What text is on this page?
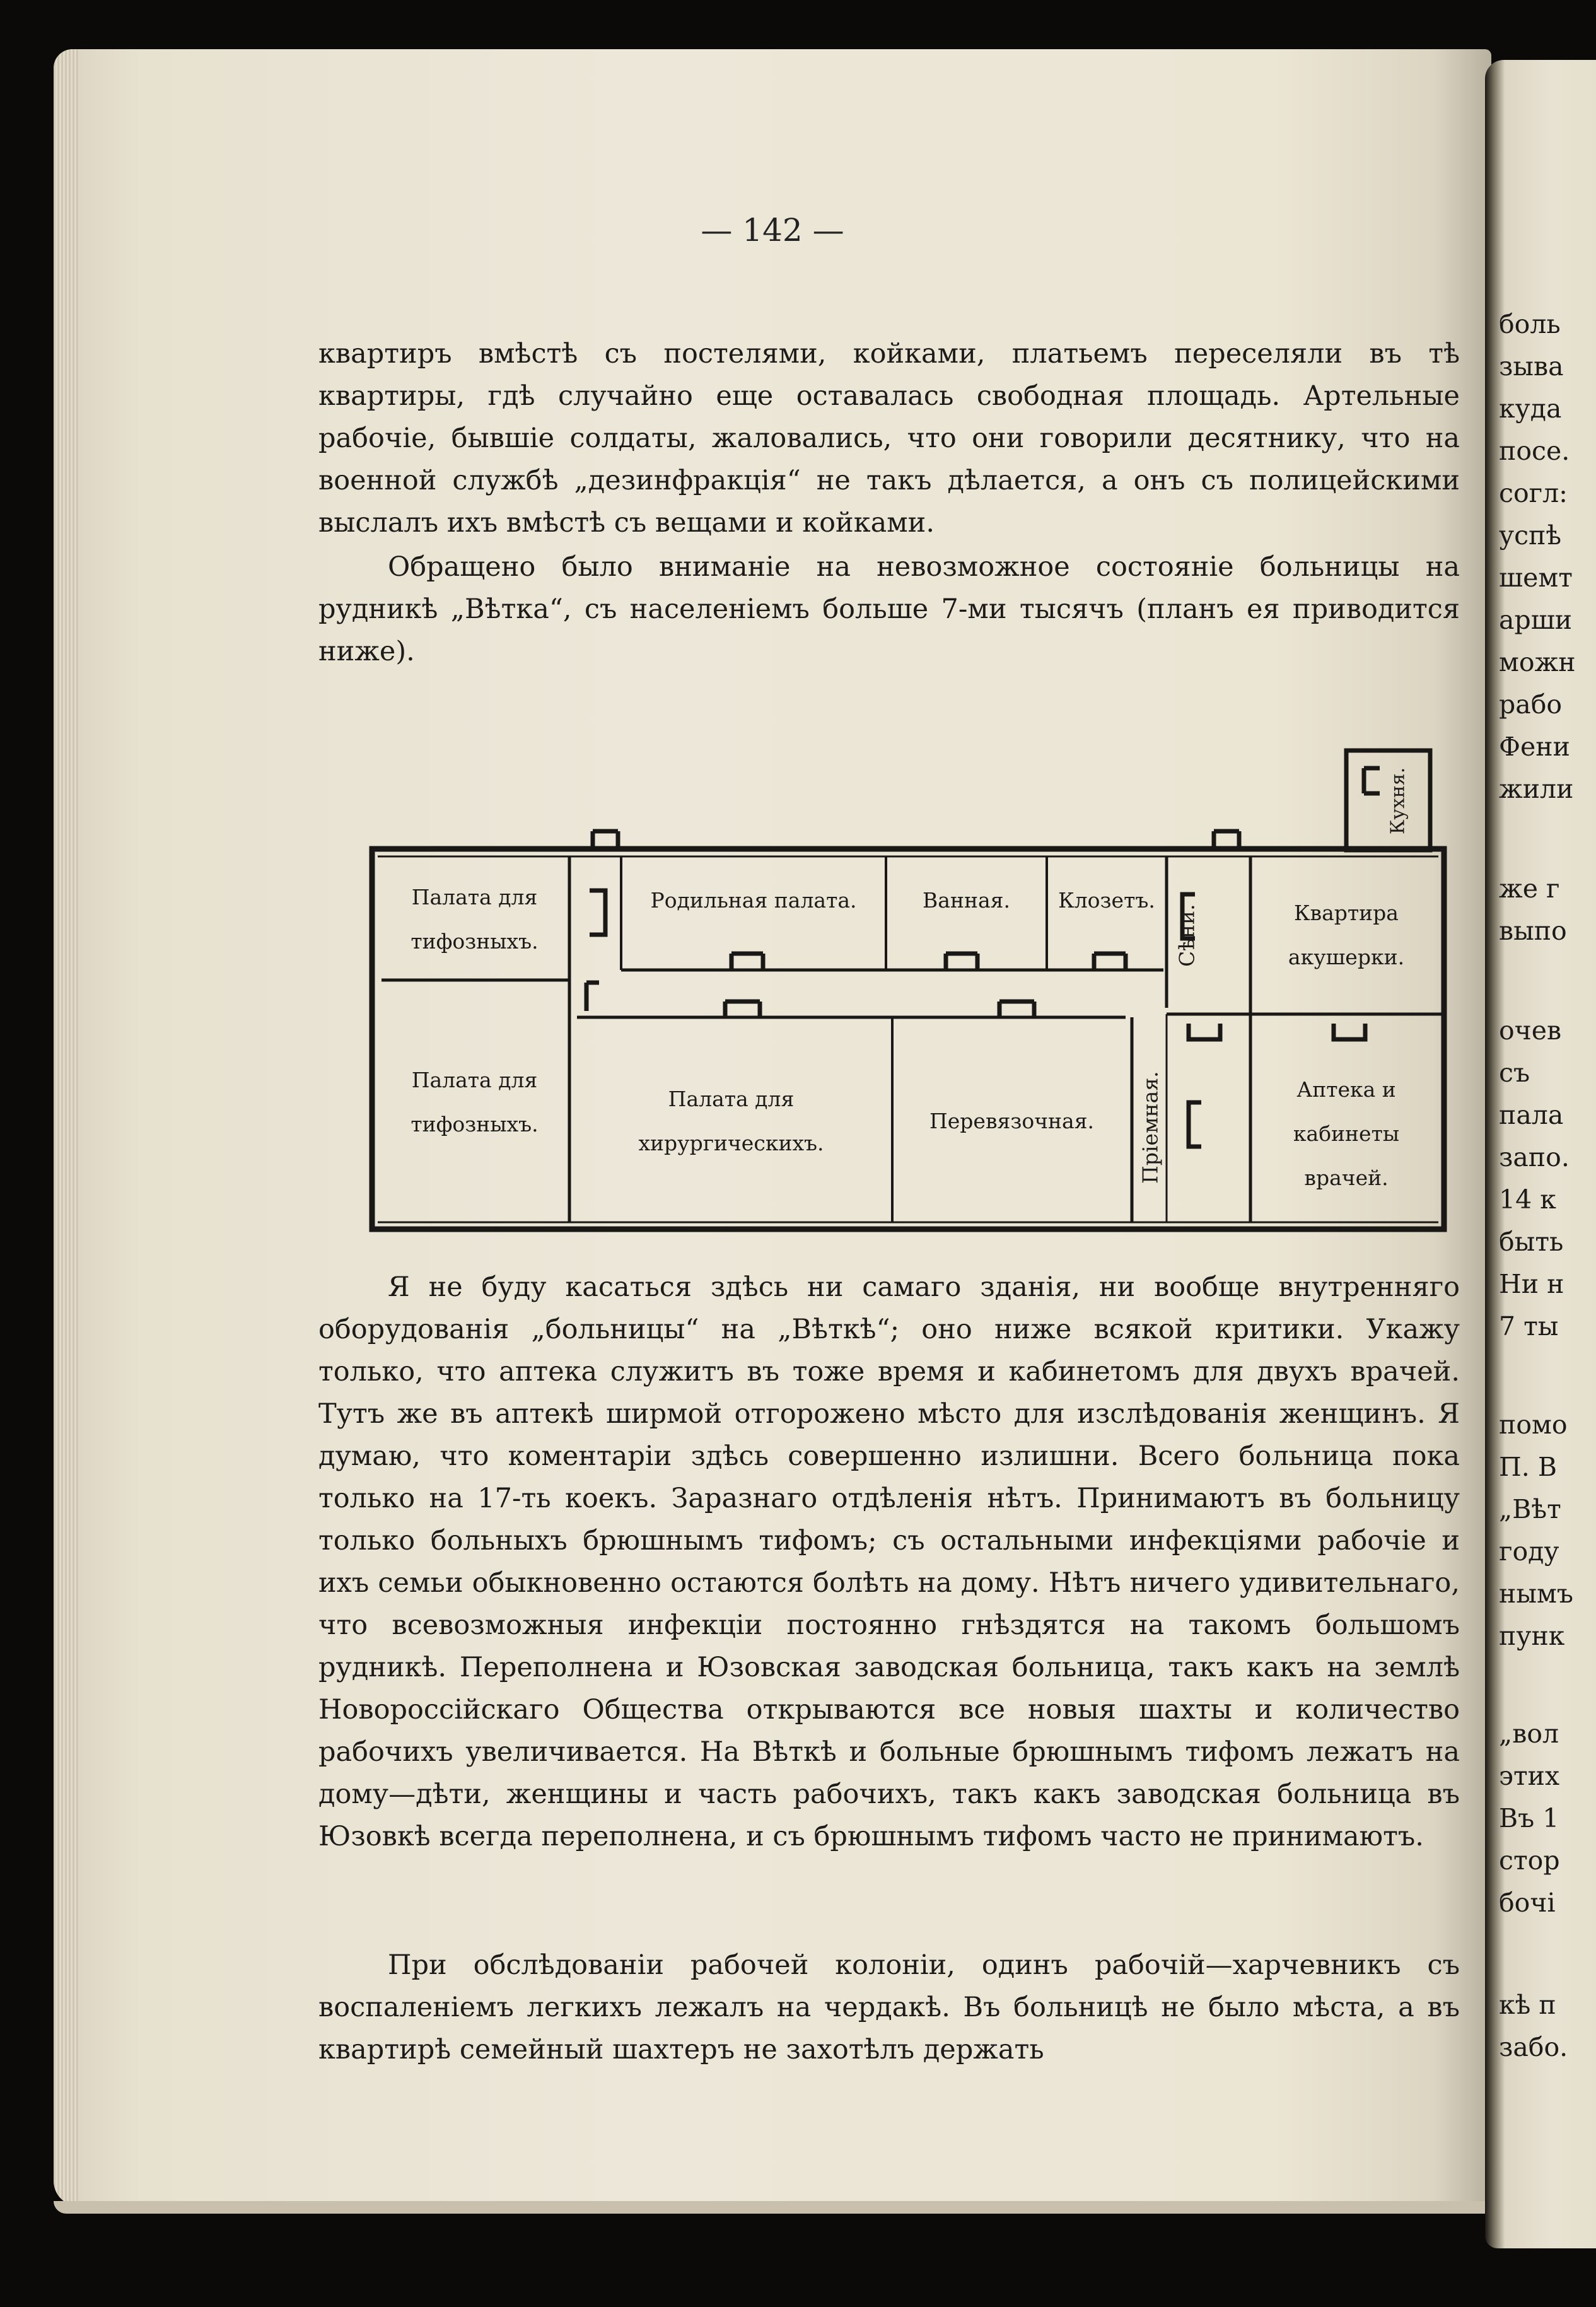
— 142 —

квартиръ вмѣстѣ съ постелями, койками, платьемъ переселяли въ тѣ квартиры, гдѣ случайно еще оставалась свободная площадь. Артельные рабочіе, бывшіе солдаты, жаловались, что они говорили десятнику, что на военной службѣ „дезинфракція“ не такъ дѣлается, а онъ съ полицейскими выслалъ ихъ вмѣстѣ съ вещами и койками.

Обращено было вниманіе на невозможное состояніе больницы на рудникѣ „Вѣтка“, съ населеніемъ больше 7-ми тысячъ (планъ ея приводится ниже).

Палата для
тифозныхъ.
Палата для
тифозныхъ.
Родильная палата.	Ванная.	Клозетъ.
Сѣни.	Квартира
акушерки.
Палата для
хирургическихъ.
Перевязочная.	Пріемная.	Аптека и
кабинеты
врачей.
Кухня.

Я не буду касаться здѣсь ни самаго зданія, ни вообще внутренняго оборудованія „больницы“ на „Вѣткѣ“; оно ниже всякой критики. Укажу только, что аптека служитъ въ тоже время и кабинетомъ для двухъ врачей. Тутъ же въ аптекѣ ширмой отгорожено мѣсто для изслѣдованія женщинъ. Я думаю, что коментаріи здѣсь совершенно излишни. Всего больница пока только на 17-ть коекъ. Заразнаго отдѣленія нѣтъ. Принимаютъ въ больницу только больныхъ брюшнымъ тифомъ; съ остальными инфекціями рабочіе и ихъ семьи обыкновенно остаются болѣть на дому. Нѣтъ ничего удивительнаго, что всевозможныя инфекціи постоянно гнѣздятся на такомъ большомъ рудникѣ. Переполнена и Юзовская заводская больница, такъ какъ на землѣ Новороссійскаго Общества открываются все новыя шахты и количество рабочихъ увеличивается. На Вѣткѣ и больные брюшнымъ тифомъ лежатъ на дому—дѣти, женщины и часть рабочихъ, такъ какъ заводская больница въ Юзовкѣ всегда переполнена, и съ брюшнымъ тифомъ часто не принимаютъ.

При обслѣдованіи рабочей колоніи, одинъ рабочій—харчевникъ съ воспаленіемъ легкихъ лежалъ на чердакѣ. Въ больницѣ не было мѣста, а въ квартирѣ семейный шахтеръ не захотѣлъ держать

боль
зыва
куда
посе.
согл:
успѣ
шемт
арши
можн
рабо
Фени
жили
же г
выпо
очев
съ
пала
запо.
14 к
быть
Ни н
7 ты
помо
П. В
„Вѣт
году
нымъ
пунк
„вол
этих
Въ 1
стор
бочі
кѣ п
забо.
